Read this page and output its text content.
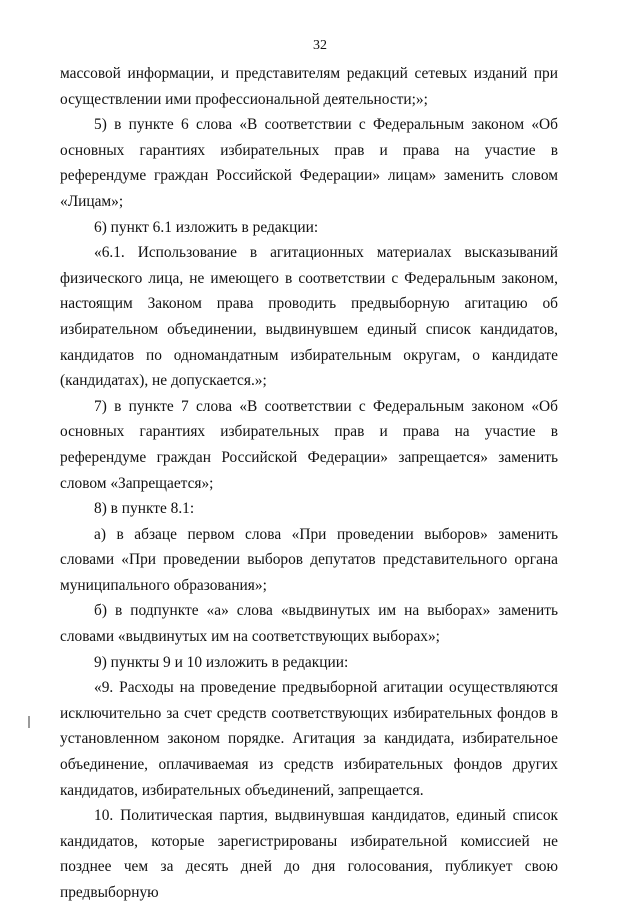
32

массовой информации, и представителям редакций сетевых изданий при осуществлении ими профессиональной деятельности;»;

5) в пункте 6 слова «В соответствии с Федеральным законом «Об основных гарантиях избирательных прав и права на участие в референдуме граждан Российской Федерации» лицам» заменить словом «Лицам»;

6) пункт 6.1 изложить в редакции:

«6.1. Использование в агитационных материалах высказываний физического лица, не имеющего в соответствии с Федеральным законом, настоящим Законом права проводить предвыборную агитацию об избирательном объединении, выдвинувшем единый список кандидатов, кандидатов по одномандатным избирательным округам, о кандидате (кандидатах), не допускается.»;

7) в пункте 7 слова «В соответствии с Федеральным законом «Об основных гарантиях избирательных прав и права на участие в референдуме граждан Российской Федерации» запрещается» заменить словом «Запрещается»;

8) в пункте 8.1:

а) в абзаце первом слова «При проведении выборов» заменить словами «При проведении выборов депутатов представительного органа муниципального образования»;

б) в подпункте «а» слова «выдвинутых им на выборах» заменить словами «выдвинутых им на соответствующих выборах»;

9) пункты 9 и 10 изложить в редакции:

«9. Расходы на проведение предвыборной агитации осуществляются исключительно за счет средств соответствующих избирательных фондов в установленном законом порядке. Агитация за кандидата, избирательное объединение, оплачиваемая из средств избирательных фондов других кандидатов, избирательных объединений, запрещается.

10. Политическая партия, выдвинувшая кандидатов, единый список кандидатов, которые зарегистрированы избирательной комиссией не позднее чем за десять дней до дня голосования, публикует свою предвыборную
